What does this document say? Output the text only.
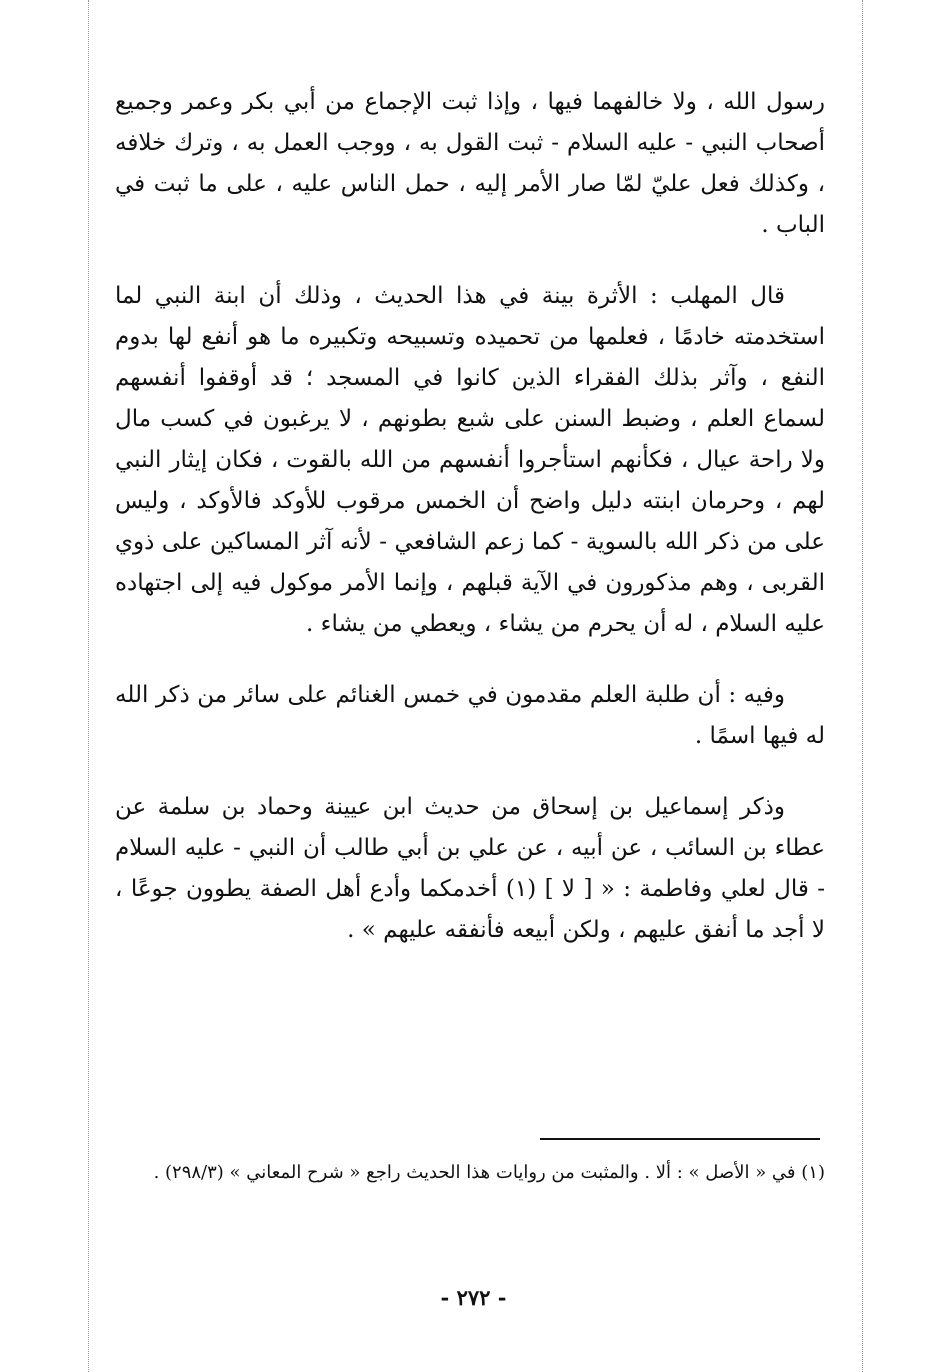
رسول الله ، ولا خالفهما فيها ، وإذا ثبت الإجماع من أبي بكر وعمر وجميع أصحاب النبي - عليه السلام - ثبت القول به ، ووجب العمل به ، وترك خلافه ، وكذلك فعل عليّ لمّا صار الأمر إليه ، حمل الناس عليه ، على ما ثبت في الباب .

قال المهلب : الأثرة بينة في هذا الحديث ، وذلك أن ابنة النبي لما استخدمته خادمًا ، فعلمها من تحميده وتسبيحه وتكبيره ما هو أنفع لها بدوم النفع ، وآثر بذلك الفقراء الذين كانوا في المسجد ؛ قد أوقفوا أنفسهم لسماع العلم ، وضبط السنن على شبع بطونهم ، لا يرغبون في كسب مال ولا راحة عيال ، فكأنهم استأجروا أنفسهم من الله بالقوت ، فكان إيثار النبي لهم ، وحرمان ابنته دليل واضح أن الخمس مرقوب للأوكد فالأوكد ، وليس على من ذكر الله بالسوية - كما زعم الشافعي - لأنه آثر المساكين على ذوي القربى ، وهم مذكورون في الآية قبلهم ، وإنما الأمر موكول فيه إلى اجتهاده عليه السلام ، له أن يحرم من يشاء ، ويعطي من يشاء .

وفيه : أن طلبة العلم مقدمون في خمس الغنائم على سائر من ذكر الله له فيها اسمًا .

وذكر إسماعيل بن إسحاق من حديث ابن عيينة وحماد بن سلمة عن عطاء بن السائب ، عن أبيه ، عن علي بن أبي طالب أن النبي - عليه السلام - قال لعلي وفاطمة : « [ لا ] (١) أخدمكما وأدع أهل الصفة يطوون جوعًا ، لا أجد ما أنفق عليهم ، ولكن أبيعه فأنفقه عليهم » .

(١) في « الأصل » : ألا . والمثبت من روايات هذا الحديث راجع « شرح المعاني » (٢٩٨/٣) .

- ٢٧٢ -
